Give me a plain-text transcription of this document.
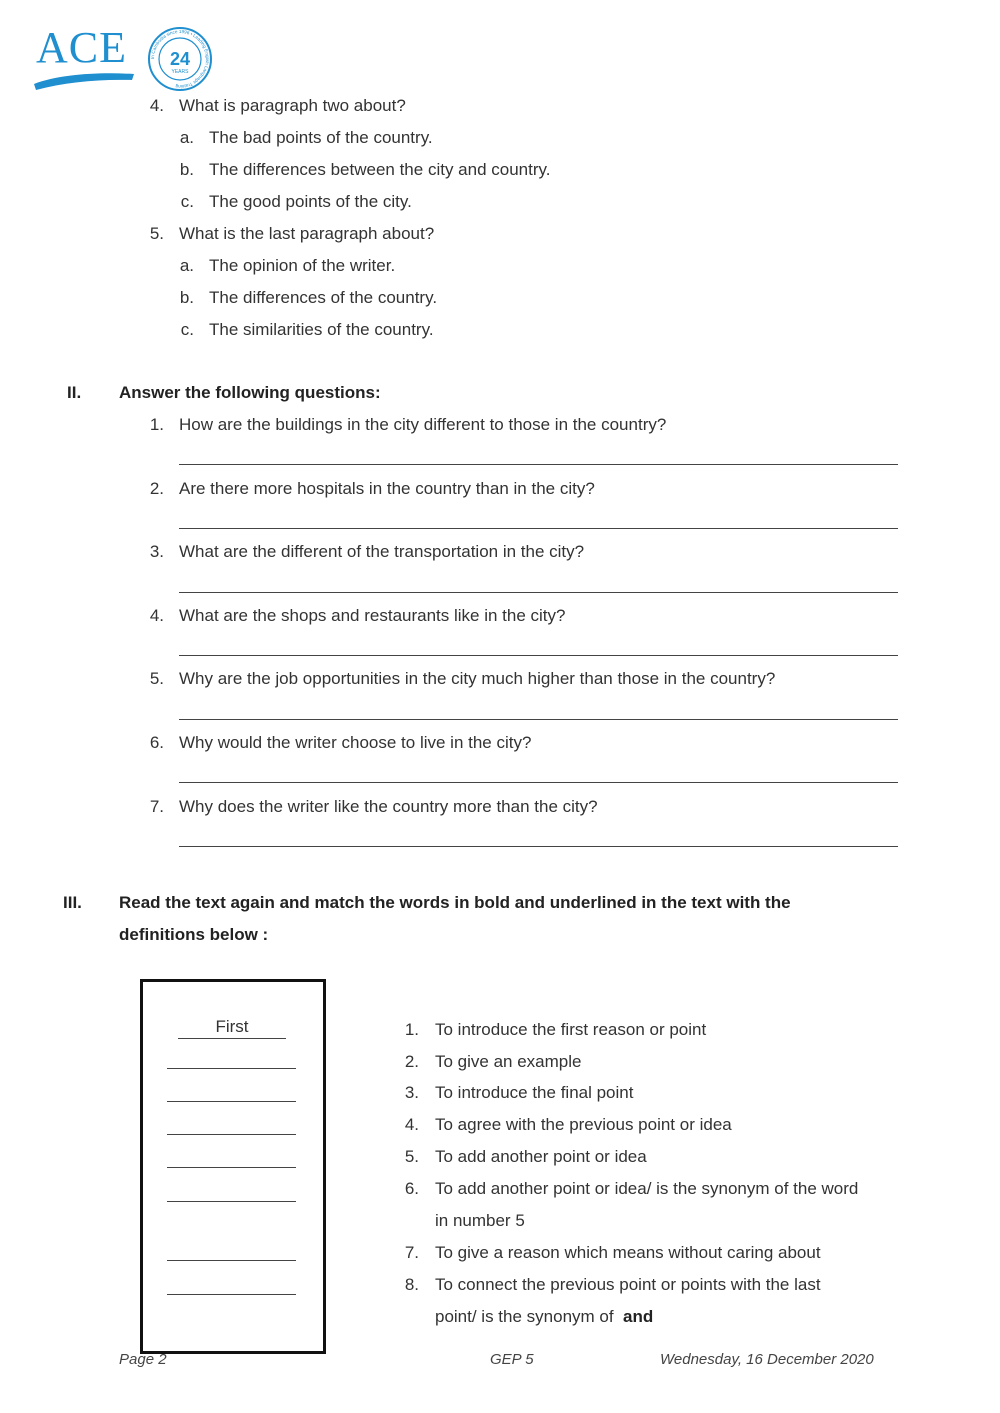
ACE	In Cambodia since 1996 • Leading English Language Training
24
YEARS
4. What is paragraph two about?
a. The bad points of the country.
b. The differences between the city and country.
c. The good points of the city.
5. What is the last paragraph about?
a. The opinion of the writer.
b. The differences of the country.
c. The similarities of the country.
II. Answer the following questions:
1. How are the buildings in the city different to those in the country?
2. Are there more hospitals in the country than in the city?
3. What are the different of the transportation in the city?
4. What are the shops and restaurants like in the city?
5. Why are the job opportunities in the city much higher than those in the country?
6. Why would the writer choose to live in the city?
7. Why does the writer like the country more than the city?
III. Read the text again and match the words in bold and underlined in the text with the
definitions below :
First	1. To introduce the first reason or point
2. To give an example
3. To introduce the final point
4. To agree with the previous point or idea
5. To add another point or idea
6. To add another point or idea/ is the synonym of the word
in number 5
7. To give a reason which means without caring about
8. To connect the previous point or points with the last
point/ is the synonym of and
Page 2	GEP 5	Wednesday, 16 December 2020
